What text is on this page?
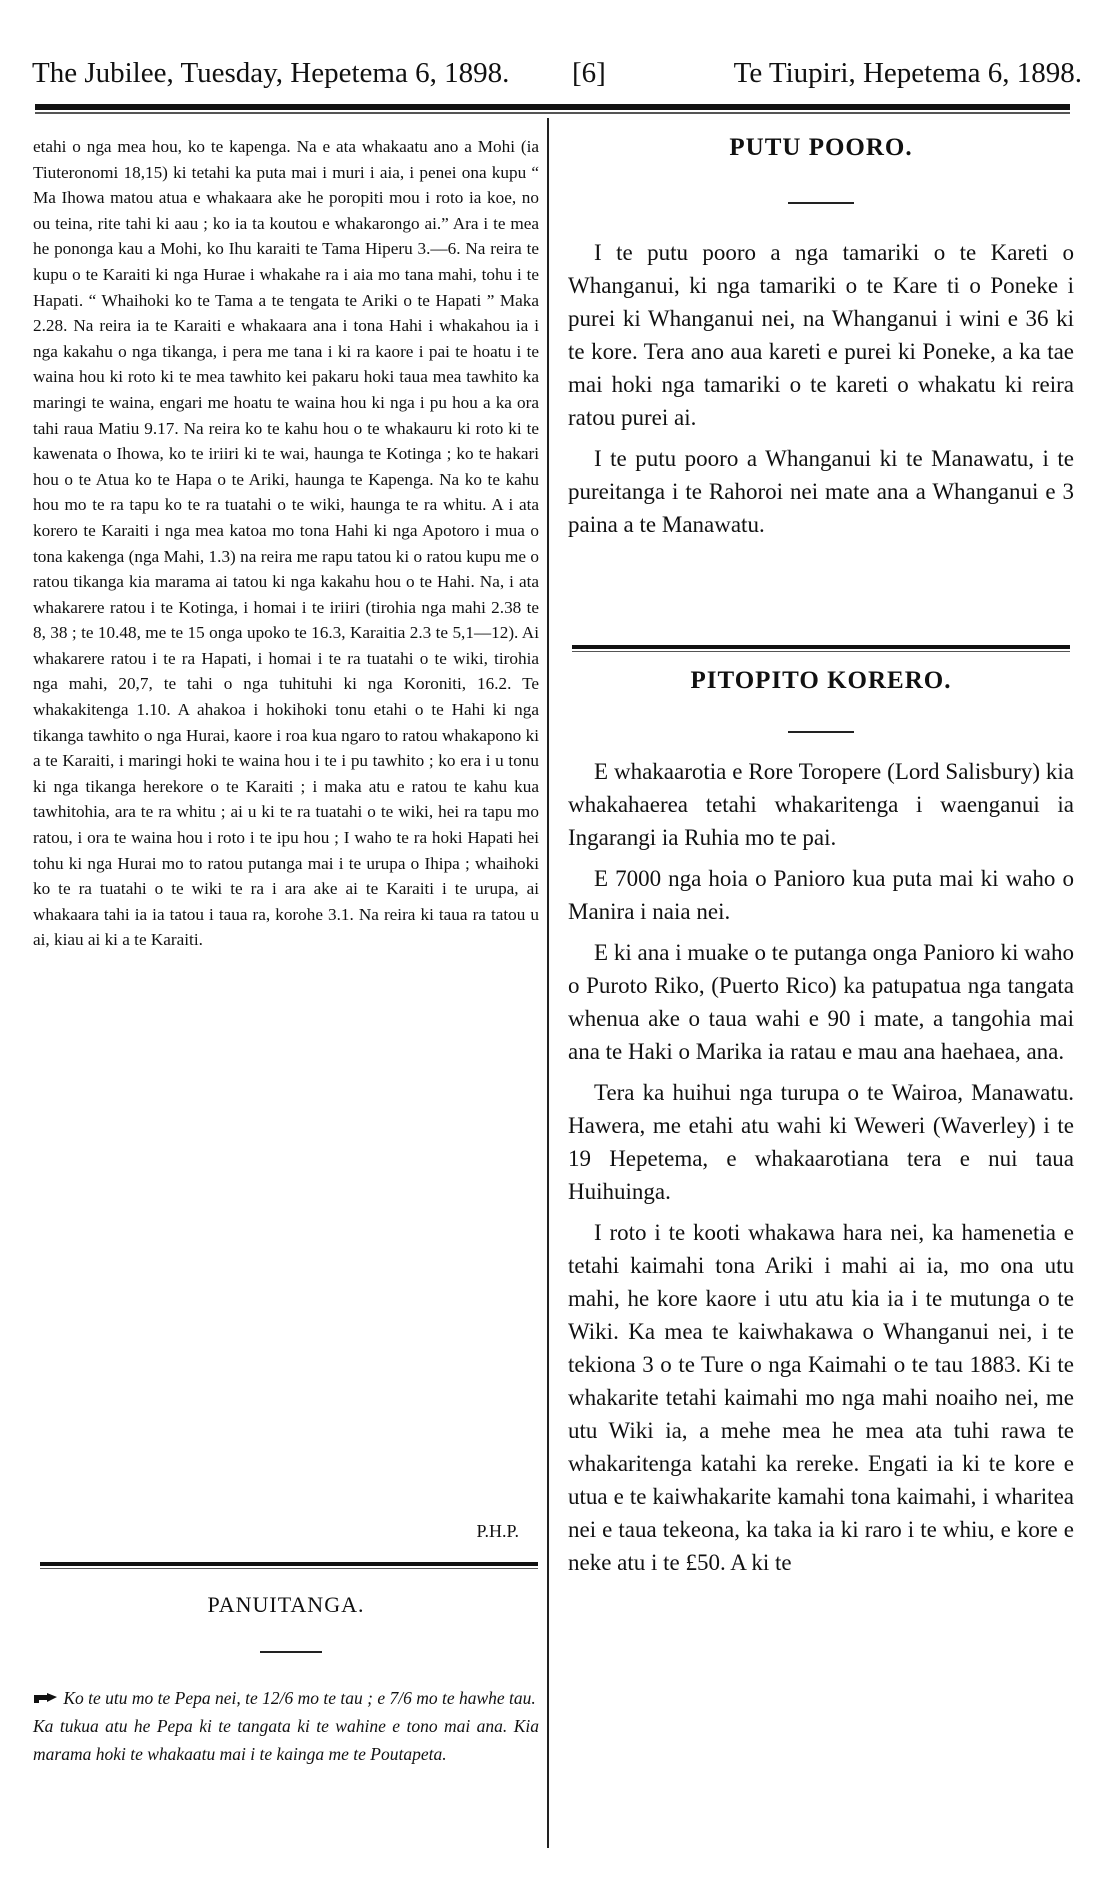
The Jubilee, Tuesday, Hepetema 6, 1898. [6]	Te Tiupiri, Hepetema 6, 1898.

etahi o nga mea hou, ko te kapenga. Na e ata whakaatu ano a Mohi (ia Tiuteronomi 18,15) ki tetahi ka puta mai i muri i aia, i penei ona kupu “ Ma Ihowa matou atua e whakaara ake he poropiti mou i roto ia koe, no ou teina, rite tahi ki aau ; ko ia ta koutou e whakarongo ai.” Ara i te mea he pononga kau a Mohi, ko Ihu karaiti te Tama Hiperu 3.—6. Na reira te kupu o te Karaiti ki nga Hurae i whakahe ra i aia mo tana mahi, tohu i te Hapati. “ Whaihoki ko te Tama a te tengata te Ariki o te Hapati ” Maka 2.28. Na reira ia te Karaiti e whakaara ana i tona Hahi i whakahou ia i nga kakahu o nga tikanga, i pera me tana i ki ra kaore i pai te hoatu i te waina hou ki roto ki te mea tawhito kei pakaru hoki taua mea tawhito ka maringi te waina, engari me hoatu te waina hou ki nga i pu hou a ka ora tahi raua Matiu 9.17. Na reira ko te kahu hou o te whakauru ki roto ki te kawenata o Ihowa, ko te iriiri ki te wai, haunga te Kotinga ; ko te hakari hou o te Atua ko te Hapa o te Ariki, haunga te Kapenga. Na ko te kahu hou mo te ra tapu ko te ra tuatahi o te wiki, haunga te ra whitu. A i ata korero te Karaiti i nga mea katoa mo tona Hahi ki nga Apotoro i mua o tona kakenga (nga Mahi, 1.3) na reira me rapu tatou ki o ratou kupu me o ratou tikanga kia marama ai tatou ki nga kakahu hou o te Hahi. Na, i ata whakarere ratou i te Kotinga, i homai i te iriiri (tirohia nga mahi 2.38 te 8, 38 ; te 10.48, me te 15 onga upoko te 16.3, Karaitia 2.3 te 5,1—12). Ai whakarere ratou i te ra Hapati, i homai i te ra tuatahi o te wiki, tirohia nga mahi, 20,7, te tahi o nga tuhituhi ki nga Koroniti, 16.2. Te whakakitenga 1.10. A ahakoa i hokihoki tonu etahi o te Hahi ki nga tikanga tawhito o nga Hurai, kaore i roa kua ngaro to ratou whakapono ki a te Karaiti, i maringi hoki te waina hou i te i pu tawhito ; ko era i u tonu ki nga tikanga herekore o te Karaiti ; i maka atu e ratou te kahu kua tawhitohia, ara te ra whitu ; ai u ki te ra tuatahi o te wiki, hei ra tapu mo ratou, i ora te waina hou i roto i te ipu hou ; I waho te ra hoki Hapati hei tohu ki nga Hurai mo to ratou putanga mai i te urupa o Ihipa ; whaihoki ko te ra tuatahi o te wiki te ra i ara ake ai te Karaiti i te urupa, ai whakaara tahi ia ia tatou i taua ra, korohe 3.1. Na reira ki taua ra tatou u ai, kiau ai ki a te Karaiti.

P.H.P.
PANUITANGA.

Ko te utu mo te Pepa nei, te 12/6 mo te tau ; e 7/6 mo te hawhe tau.

Ka tukua atu he Pepa ki te tangata ki te wahine e tono mai ana. Kia marama hoki te whakaatu mai i te kainga me te Poutapeta.

PUTU POORO.

I te putu pooro a nga tamariki o te Kareti o Whanganui, ki nga tamariki o te Kare ti o Poneke i purei ki Whanganui nei, na Whanganui i wini e 36 ki te kore. Tera ano aua kareti e purei ki Poneke, a ka tae mai hoki nga tamariki o te kareti o whakatu ki reira ratou purei ai.

I te putu pooro a Whanganui ki te Manawatu, i te pureitanga i te Rahoroi nei mate ana a Whanganui e 3 paina a te Manawatu.

PITOPITO KORERO.

E whakaarotia e Rore Toropere (Lord Salisbury) kia whakahaerea tetahi whakaritenga i waenganui ia Ingarangi ia Ruhia mo te pai.

E 7000 nga hoia o Panioro kua puta mai ki waho o Manira i naia nei.

E ki ana i muake o te putanga onga Panioro ki waho o Puroto Riko, (Puerto Rico) ka patupatua nga tangata whenua ake o taua wahi e 90 i mate, a tangohia mai ana te Haki o Marika ia ratau e mau ana haehaea, ana.

Tera ka huihui nga turupa o te Wairoa, Manawatu. Hawera, me etahi atu wahi ki Weweri (Waverley) i te 19 Hepetema, e whakaarotiana tera e nui taua Huihuinga.

I roto i te kooti whakawa hara nei, ka hamenetia e tetahi kaimahi tona Ariki i mahi ai ia, mo ona utu mahi, he kore kaore i utu atu kia ia i te mutunga o te Wiki. Ka mea te kaiwhakawa o Whanganui nei, i te tekiona 3 o te Ture o nga Kaimahi o te tau 1883. Ki te whakarite tetahi kaimahi mo nga mahi noaiho nei, me utu Wiki ia, a mehe mea he mea ata tuhi rawa te whakaritenga katahi ka rereke. Engati ia ki te kore e utua e te kaiwhakarite kamahi tona kaimahi, i wharitea nei e taua tekeona, ka taka ia ki raro i te whiu, e kore e neke atu i te £50. A ki te
